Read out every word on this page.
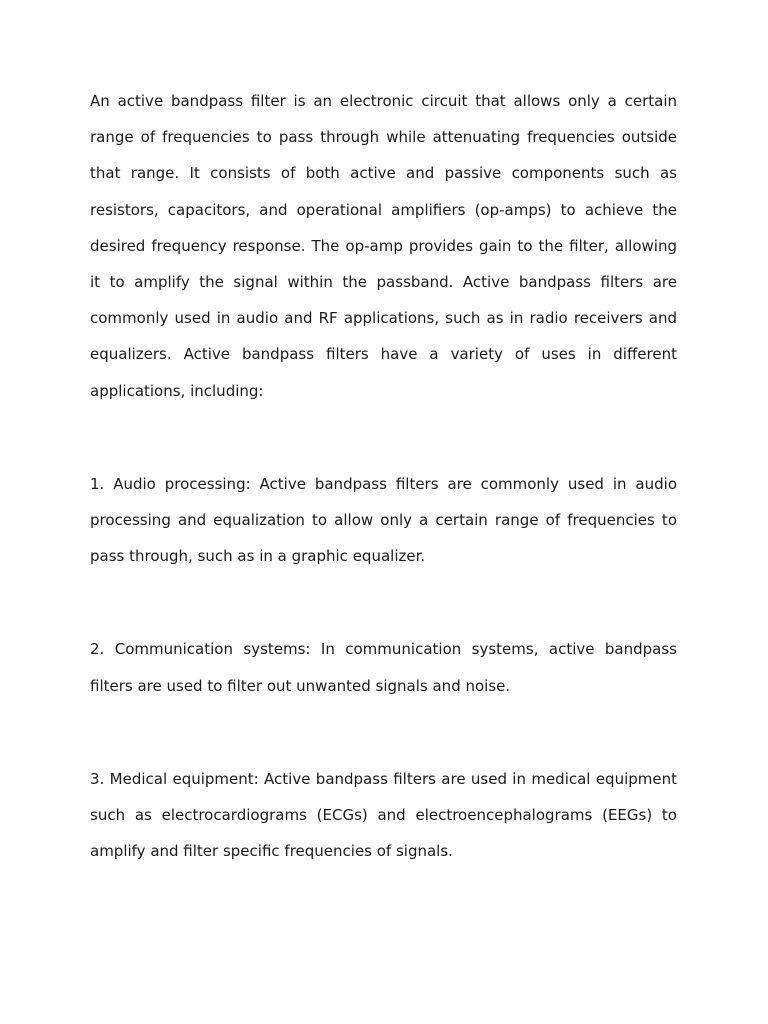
An active bandpass filter is an electronic circuit that allows only a certain range of frequencies to pass through while attenuating frequencies outside that range. It consists of both active and passive components such as resistors, capacitors, and operational amplifiers (op-amps) to achieve the desired frequency response. The op-amp provides gain to the filter, allowing it to amplify the signal within the passband. Active bandpass filters are commonly used in audio and RF applications, such as in radio receivers and equalizers. Active bandpass filters have a variety of uses in different applications, including:

1. Audio processing: Active bandpass filters are commonly used in audio processing and equalization to allow only a certain range of frequencies to pass through, such as in a graphic equalizer.

2. Communication systems: In communication systems, active bandpass filters are used to filter out unwanted signals and noise.

3. Medical equipment: Active bandpass filters are used in medical equipment such as electrocardiograms (ECGs) and electroencephalograms (EEGs) to amplify and filter specific frequencies of signals.
